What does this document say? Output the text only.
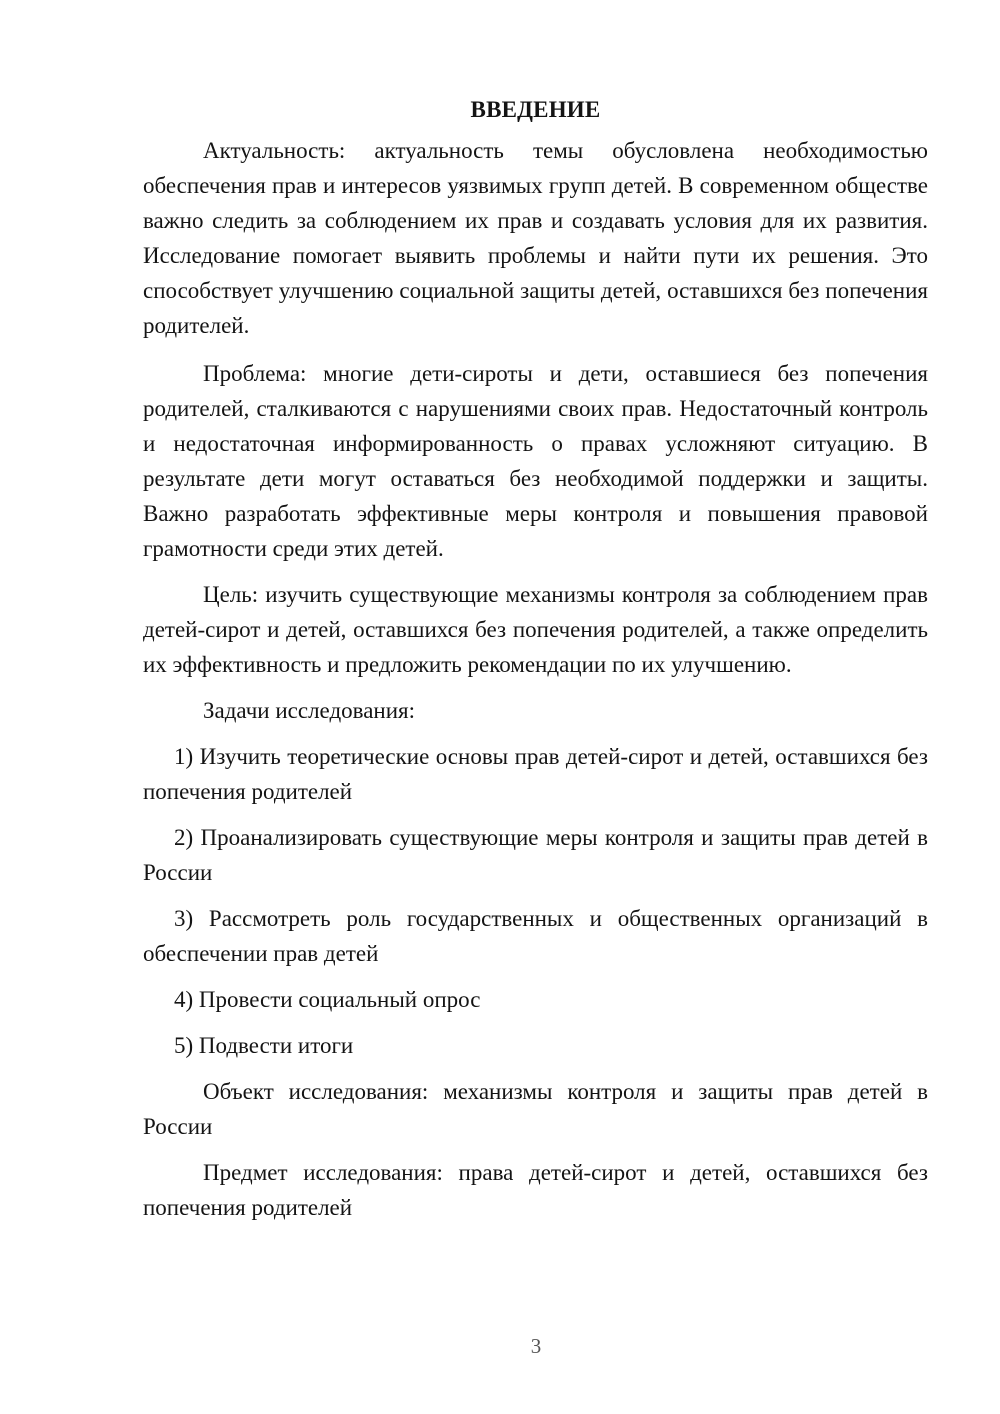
ВВЕДЕНИЕ

Актуальность: актуальность темы обусловлена необходимостью обеспечения прав и интересов уязвимых групп детей. В современном обществе важно следить за соблюдением их прав и создавать условия для их развития. Исследование помогает выявить проблемы и найти пути их решения. Это способствует улучшению социальной защиты детей, оставшихся без попечения родителей.

Проблема: многие дети-сироты и дети, оставшиеся без попечения родителей, сталкиваются с нарушениями своих прав. Недостаточный контроль и недостаточная информированность о правах усложняют ситуацию. В результате дети могут оставаться без необходимой поддержки и защиты. Важно разработать эффективные меры контроля и повышения правовой грамотности среди этих детей.

Цель: изучить существующие механизмы контроля за соблюдением прав детей-сирот и детей, оставшихся без попечения родителей, а также определить их эффективность и предложить рекомендации по их улучшению.

Задачи исследования:

1) Изучить теоретические основы прав детей-сирот и детей, оставшихся без попечения родителей

2) Проанализировать существующие меры контроля и защиты прав детей в России

3) Рассмотреть роль государственных и общественных организаций в обеспечении прав детей

4) Провести социальный опрос

5) Подвести итоги

Объект исследования: механизмы контроля и защиты прав детей в России

Предмет исследования: права детей-сирот и детей, оставшихся без попечения родителей

3
